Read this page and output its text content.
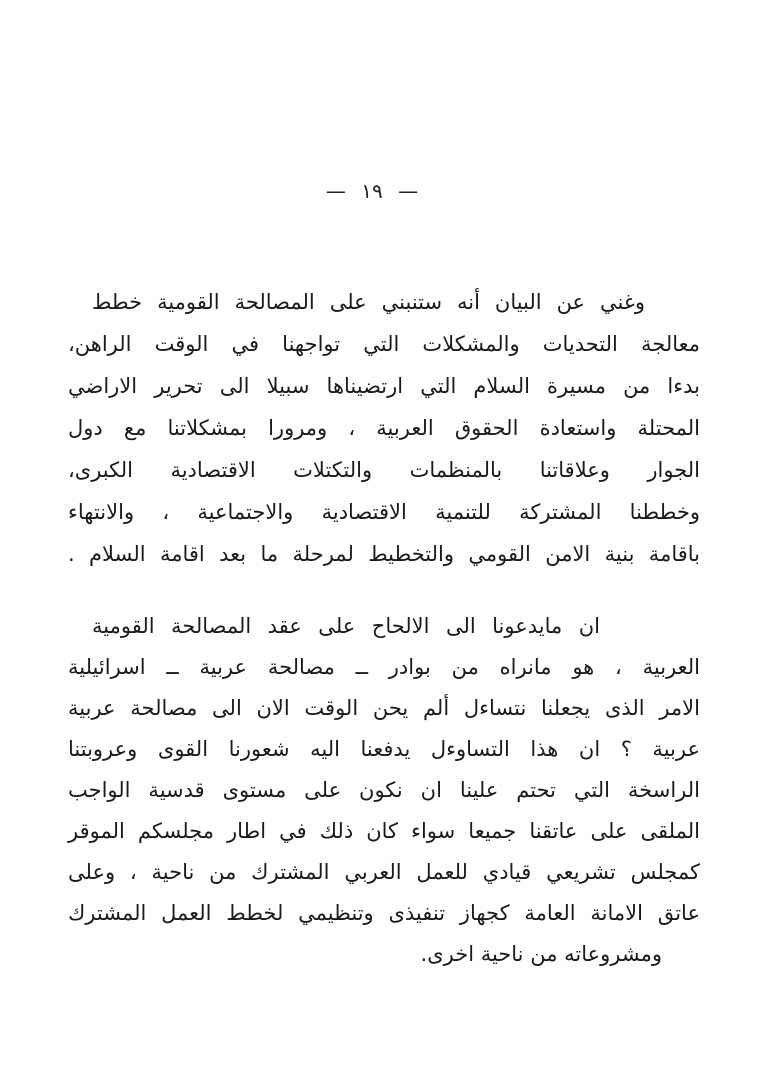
— ١٩ —
وغني عن البيان أنه ستنبني على المصالحة القومية خطط
معالجة التحديات والمشكلات التي تواجهنا في الوقت الراهن،
بدءا من مسيرة السلام التي ارتضيناها سبيلا الى تحرير الاراضي
المحتلة واستعادة الحقوق العربية ، ومرورا بمشكلاتنا مع دول
الجوار وعلاقاتنا بالمنظمات والتكتلات الاقتصادية الكبرى،
وخططنا المشتركة للتنمية الاقتصادية والاجتماعية ، والانتهاء
باقامة بنية الامن القومي والتخطيط لمرحلة ما بعد اقامة السلام .
ان مايدعونا الى الالحاح على عقد المصالحة القومية
العربية ، هو مانراه من بوادر ــ مصالحة عربية ــ اسرائيلية
الامر الذى يجعلنا نتساءل ألم يحن الوقت الان الى مصالحة عربية
عربية ؟ ان هذا التساوءل يدفعنا اليه شعورنا القوى وعروبتنا
الراسخة التي تحتم علينا ان نكون على مستوى قدسية الواجب
الملقى على عاتقنا جميعا سواء كان ذلك في اطار مجلسكم الموقر
كمجلس تشريعي قيادي للعمل العربي المشترك من ناحية ، وعلى
عاتق الامانة العامة كجهاز تنفيذى وتنظيمي لخطط العمل المشترك
ومشروعاته من ناحية اخرى.
